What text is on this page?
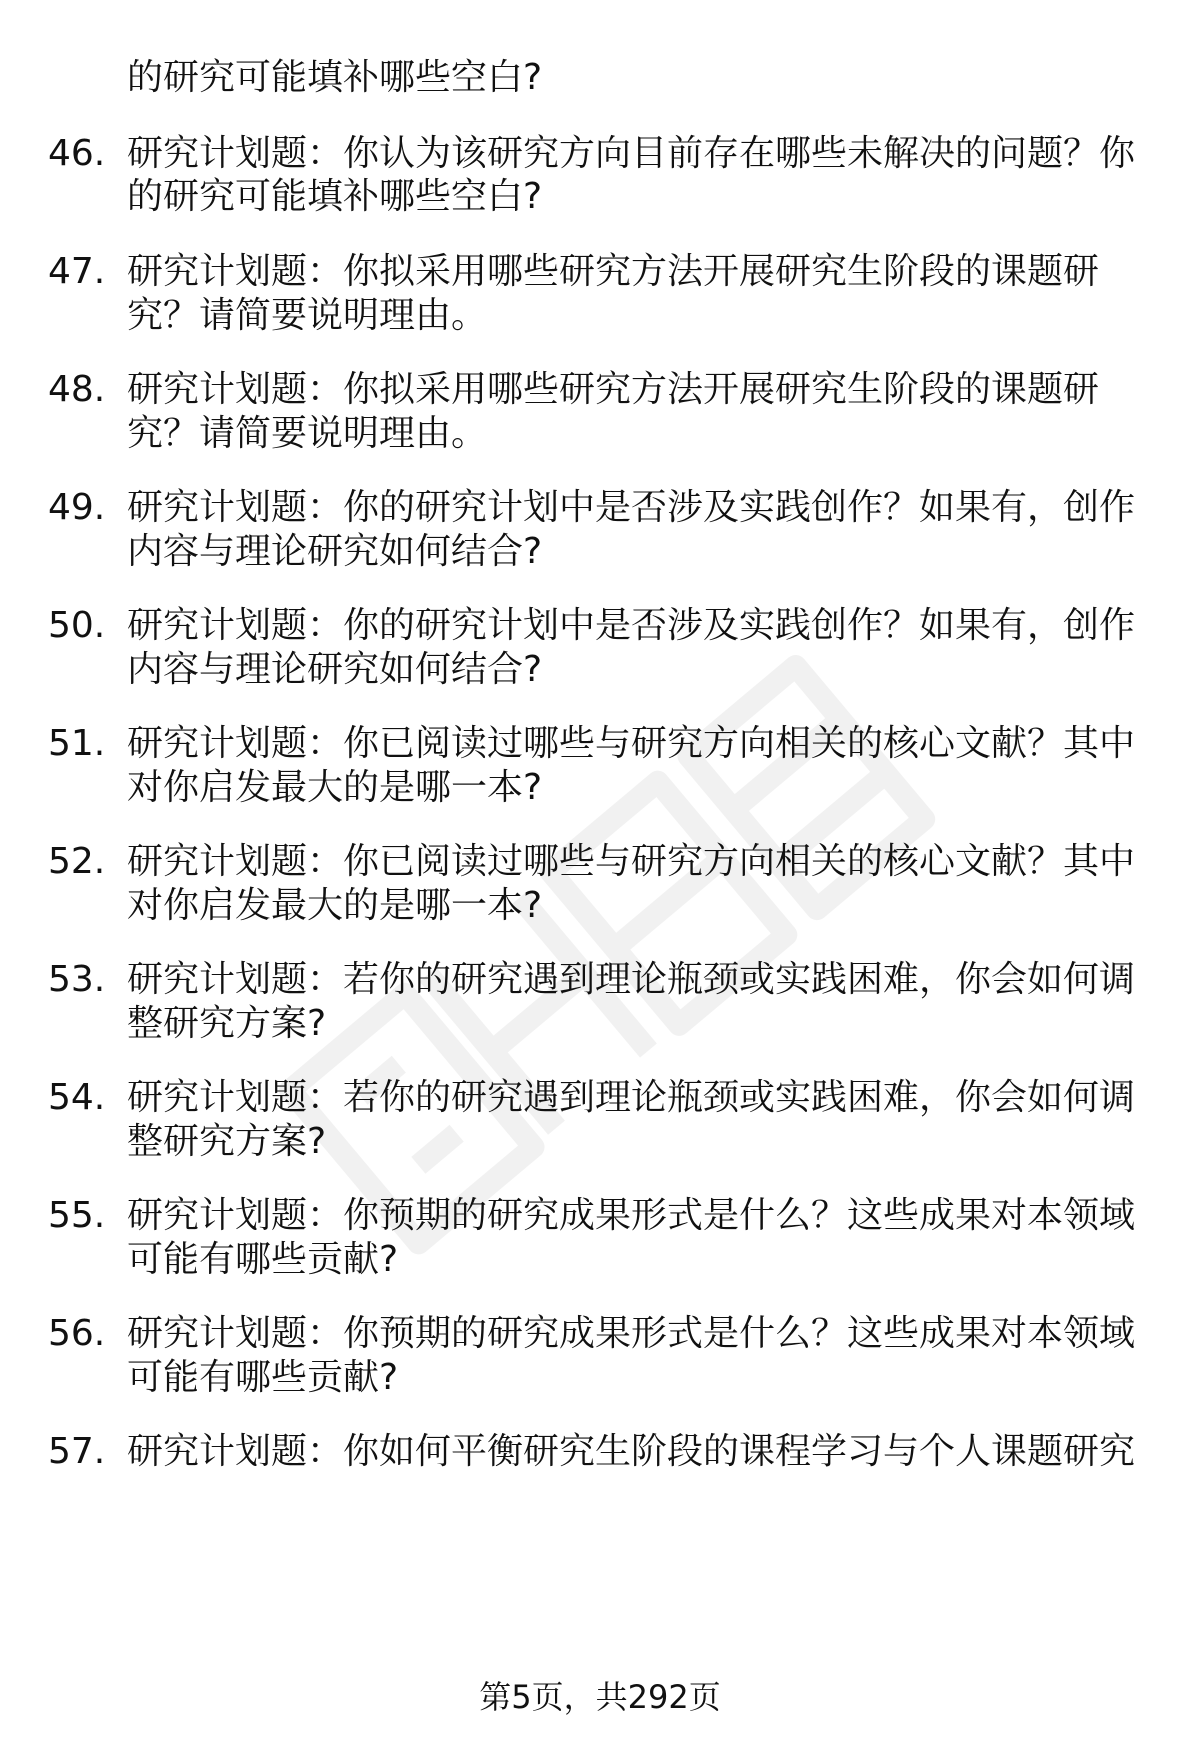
的研究可能填补哪些空白?
46. 研究计划题：你认为该研究方向目前存在哪些未解决的问题？你
的研究可能填补哪些空白?
47. 研究计划题：你拟采用哪些研究方法开展研究生阶段的课题研
究？请简要说明理由。
48. 研究计划题：你拟采用哪些研究方法开展研究生阶段的课题研
究？请简要说明理由。
49. 研究计划题：你的研究计划中是否涉及实践创作？如果有，创作
内容与理论研究如何结合?
50. 研究计划题：你的研究计划中是否涉及实践创作？如果有，创作
内容与理论研究如何结合?
51. 研究计划题：你已阅读过哪些与研究方向相关的核心文献？其中
对你启发最大的是哪一本?
52. 研究计划题：你已阅读过哪些与研究方向相关的核心文献？其中
对你启发最大的是哪一本?
53. 研究计划题：若你的研究遇到理论瓶颈或实践困难，你会如何调
整研究方案?
54. 研究计划题：若你的研究遇到理论瓶颈或实践困难，你会如何调
整研究方案?
55. 研究计划题：你预期的研究成果形式是什么？这些成果对本领域
可能有哪些贡献?
56. 研究计划题：你预期的研究成果形式是什么？这些成果对本领域
可能有哪些贡献?
57. 研究计划题：你如何平衡研究生阶段的课程学习与个人课题研究
第5页，共292页
